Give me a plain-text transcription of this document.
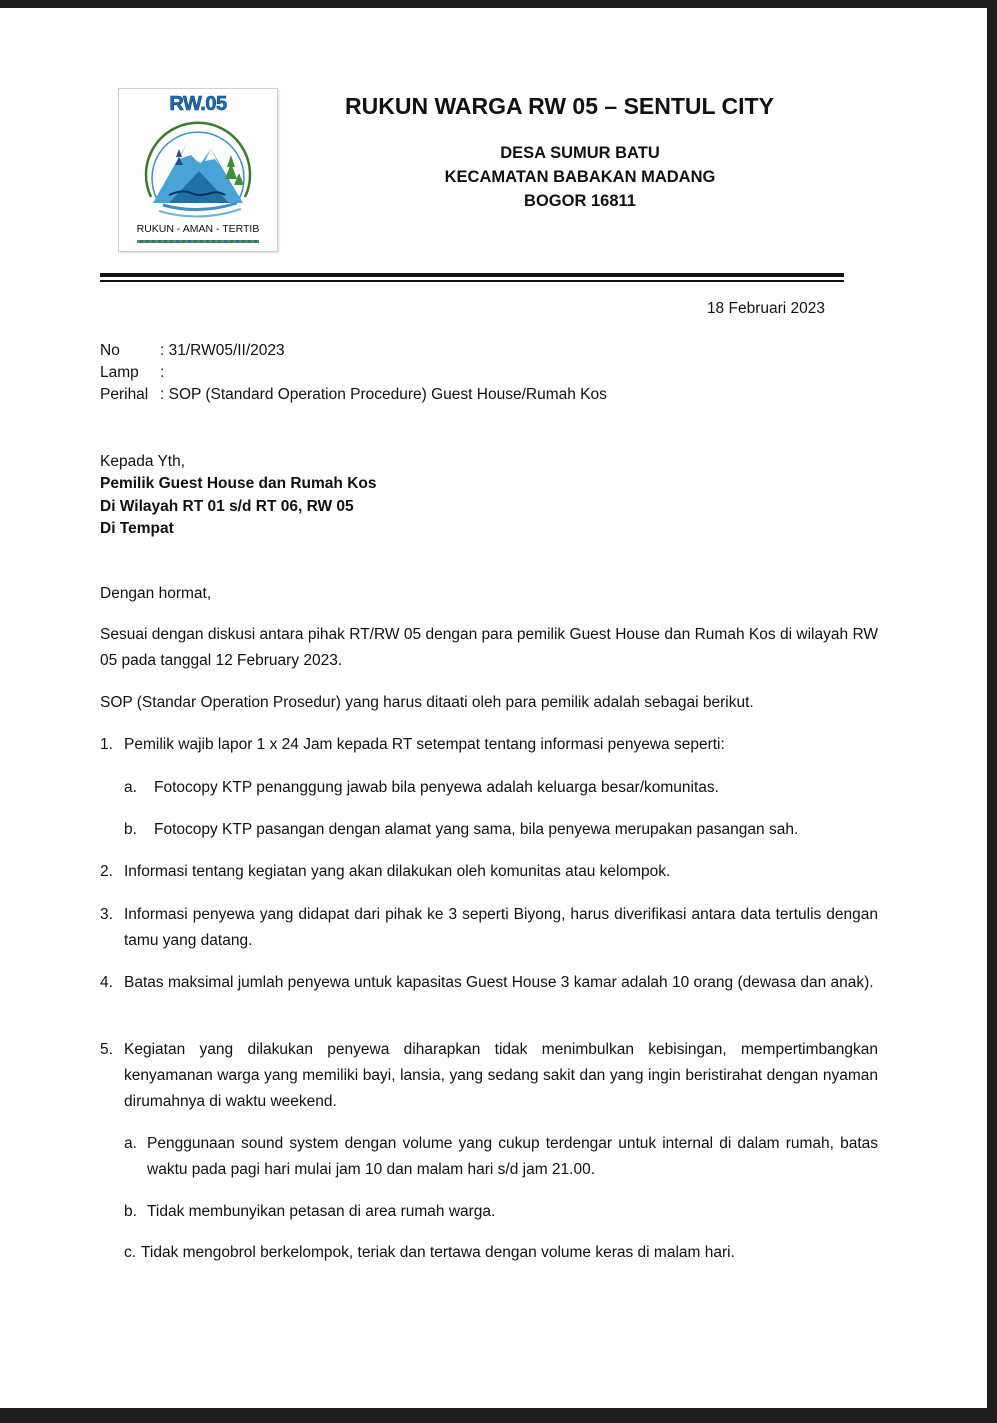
RW.05
RUKUN - AMAN - TERTIB
RUKUN WARGA RW 05 – SENTUL CITY
DESA SUMUR BATU
KECAMATAN BABAKAN MADANG
BOGOR 16811
18 Februari 2023
No	: 31/RW05/II/2023
Lamp :
Perihal : SOP (Standard Operation Procedure) Guest House/Rumah Kos
Kepada Yth,
Pemilik Guest House dan Rumah Kos
Di Wilayah RT 01 s/d RT 06, RW 05
Di Tempat
Dengan hormat,
Sesuai dengan diskusi antara pihak RT/RW 05 dengan para pemilik Guest House dan Rumah Kos di wilayah RW 05 pada tanggal 12 February 2023.
SOP (Standar Operation Prosedur) yang harus ditaati oleh para pemilik adalah sebagai berikut.
1. Pemilik wajib lapor 1 x 24 Jam kepada RT setempat tentang informasi penyewa seperti:
a. Fotocopy KTP penanggung jawab bila penyewa adalah keluarga besar/komunitas.
b. Fotocopy KTP pasangan dengan alamat yang sama, bila penyewa merupakan pasangan sah.
2. Informasi tentang kegiatan yang akan dilakukan oleh komunitas atau kelompok.
3. Informasi penyewa yang didapat dari pihak ke 3 seperti Biyong, harus diverifikasi antara data tertulis dengan tamu yang datang.
4. Batas maksimal jumlah penyewa untuk kapasitas Guest House 3 kamar adalah 10 orang (dewasa dan anak).
5. Kegiatan yang dilakukan penyewa diharapkan tidak menimbulkan kebisingan, mempertimbangkan kenyamanan warga yang memiliki bayi, lansia, yang sedang sakit dan yang ingin beristirahat dengan nyaman dirumahnya di waktu weekend.
a. Penggunaan sound system dengan volume yang cukup terdengar untuk internal di dalam rumah, batas waktu pada pagi hari mulai jam 10 dan malam hari s/d jam 21.00.
b. Tidak membunyikan petasan di area rumah warga.
c. Tidak mengobrol berkelompok, teriak dan tertawa dengan volume keras di malam hari.
